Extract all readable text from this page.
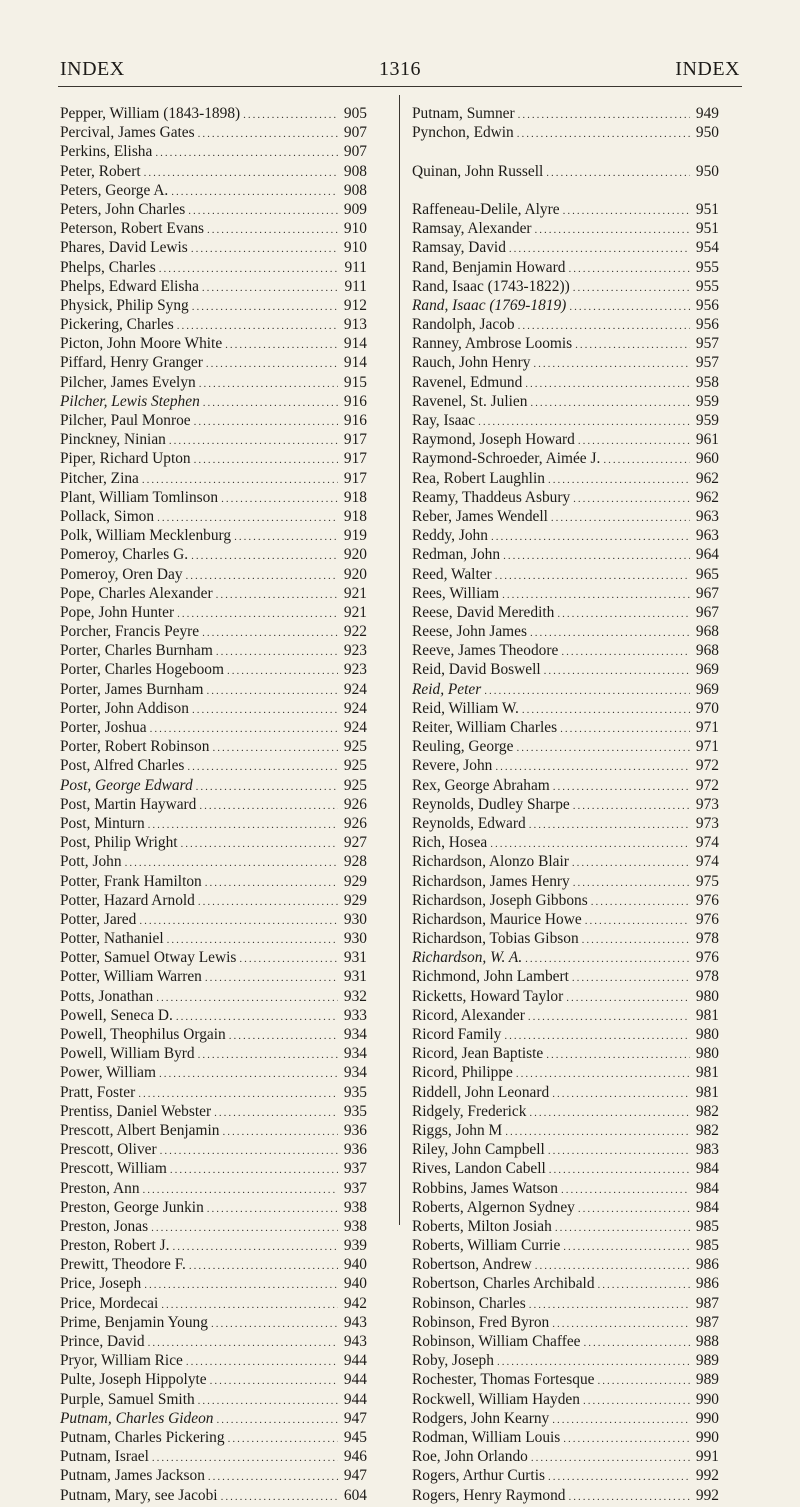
INDEX	1316	INDEX
Pepper, William (1843-1898) .....	905
Percival, James Gates .....	907
Perkins, Elisha .....	907
Peter, Robert .....	908
Peters, George A. .....	908
Peters, John Charles .....	909
Peterson, Robert Evans .....	910
Phares, David Lewis .....	910
Phelps, Charles .....	911
Phelps, Edward Elisha .....	911
Physick, Philip Syng .....	912
Pickering, Charles .....	913
Picton, John Moore White .....	914
Piffard, Henry Granger .....	914
Pilcher, James Evelyn .....	915
Pilcher, Lewis Stephen .....	916
Pilcher, Paul Monroe .....	916
Pinckney, Ninian .....	917
Piper, Richard Upton .....	917
Pitcher, Zina .....	917
Plant, William Tomlinson .....	918
Pollack, Simon .....	918
Polk, William Mecklenburg .....	919
Pomeroy, Charles G. .....	920
Pomeroy, Oren Day .....	920
Pope, Charles Alexander .....	921
Pope, John Hunter .....	921
Porcher, Francis Peyre .....	922
Porter, Charles Burnham .....	923
Porter, Charles Hogeboom .....	923
Porter, James Burnham .....	924
Porter, John Addison .....	924
Porter, Joshua .....	924
Porter, Robert Robinson .....	925
Post, Alfred Charles .....	925
Post, George Edward .....	925
Post, Martin Hayward .....	926
Post, Minturn .....	926
Post, Philip Wright .....	927
Pott, John .....	928
Potter, Frank Hamilton .....	929
Potter, Hazard Arnold .....	929
Potter, Jared .....	930
Potter, Nathaniel .....	930
Potter, Samuel Otway Lewis .....	931
Potter, William Warren .....	931
Potts, Jonathan .....	932
Powell, Seneca D. .....	933
Powell, Theophilus Orgain .....	934
Powell, William Byrd .....	934
Power, William .....	934
Pratt, Foster .....	935
Prentiss, Daniel Webster .....	935
Prescott, Albert Benjamin .....	936
Prescott, Oliver .....	936
Prescott, William .....	937
Preston, Ann .....	937
Preston, George Junkin .....	938
Preston, Jonas .....	938
Preston, Robert J. .....	939
Prewitt, Theodore F. .....	940
Price, Joseph .....	940
Price, Mordecai .....	942
Prime, Benjamin Young .....	943
Prince, David .....	943
Pryor, William Rice .....	944
Pulte, Joseph Hippolyte .....	944
Purple, Samuel Smith .....	944
Putnam, Charles Gideon .....	947
Putnam, Charles Pickering .....	945
Putnam, Israel .....	946
Putnam, James Jackson .....	947
Putnam, Mary, see Jacobi .....	604
Putnam, Sumner .....	949
Pynchon, Edwin .....	950
Quinan, John Russell .....	950
Raffeneau-Delile, Alyre .....	951
Ramsay, Alexander .....	951
Ramsay, David .....	954
Rand, Benjamin Howard .....	955
Rand, Isaac (1743-1822)) .....	955
Rand, Isaac (1769-1819) .....	956
Randolph, Jacob .....	956
Ranney, Ambrose Loomis .....	957
Rauch, John Henry .....	957
Ravenel, Edmund .....	958
Ravenel, St. Julien .....	959
Ray, Isaac .....	959
Raymond, Joseph Howard .....	961
Raymond-Schroeder, Aimée J. .....	960
Rea, Robert Laughlin .....	962
Reamy, Thaddeus Asbury .....	962
Reber, James Wendell .....	963
Reddy, John .....	963
Redman, John .....	964
Reed, Walter .....	965
Rees, William .....	967
Reese, David Meredith .....	967
Reese, John James .....	968
Reeve, James Theodore .....	968
Reid, David Boswell .....	969
Reid, Peter .....	969
Reid, William W. .....	970
Reiter, William Charles .....	971
Reuling, George .....	971
Revere, John .....	972
Rex, George Abraham .....	972
Reynolds, Dudley Sharpe .....	973
Reynolds, Edward .....	973
Rich, Hosea .....	974
Richardson, Alonzo Blair .....	974
Richardson, James Henry .....	975
Richardson, Joseph Gibbons .....	976
Richardson, Maurice Howe .....	976
Richardson, Tobias Gibson .....	978
Richardson, W. A. .....	976
Richmond, John Lambert .....	978
Ricketts, Howard Taylor .....	980
Ricord, Alexander .....	981
Ricord Family .....	980
Ricord, Jean Baptiste .....	980
Ricord, Philippe .....	981
Riddell, John Leonard .....	981
Ridgely, Frederick .....	982
Riggs, John M .....	982
Riley, John Campbell .....	983
Rives, Landon Cabell .....	984
Robbins, James Watson .....	984
Roberts, Algernon Sydney .....	984
Roberts, Milton Josiah .....	985
Roberts, William Currie .....	985
Robertson, Andrew .....	986
Robertson, Charles Archibald .....	986
Robinson, Charles .....	987
Robinson, Fred Byron .....	987
Robinson, William Chaffee .....	988
Roby, Joseph .....	989
Rochester, Thomas Fortesque .....	989
Rockwell, William Hayden .....	990
Rodgers, John Kearny .....	990
Rodman, William Louis .....	990
Roe, John Orlando .....	991
Rogers, Arthur Curtis .....	992
Rogers, Henry Raymond .....	992
